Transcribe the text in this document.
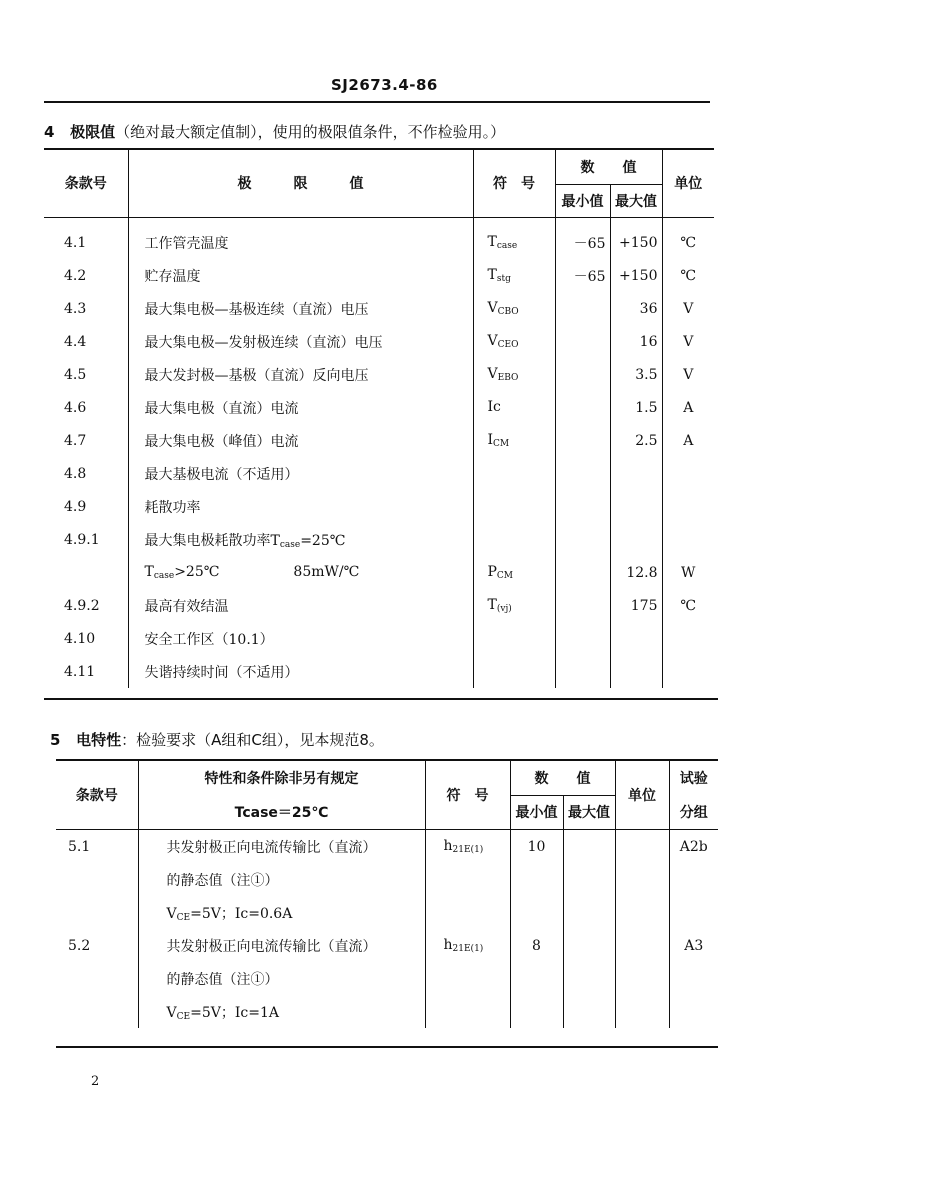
SJ2673.4-86
4 极限值（绝对最大额定值制），使用的极限值条件，不作检验用。）
条款号	极　　　限　　　值	符　号	数　　值		单位
			最小值	最大值	

4.1	工作管壳温度	$T_{case}$	－65	+150	℃
4.2	贮存温度	$T_{stg}$	－65	+150	℃
4.3	最大集电极—基极连续（直流）电压	$V_{CBO}$		36	V
4.4	最大集电极—发射极连续（直流）电压	$V_{CEO}$		16	V
4.5	最大发封极—基极（直流）反向电压	$V_{EBO}$		3.5	V
4.6	最大集电极（直流）电流	Ic		1.5	A
4.7	最大集电极（峰值）电流	$I_{CM}$		2.5	A
4.8	最大基极电流（不适用）				
4.9	耗散功率				
4.9.1	最大集电极耗散功率$T_{case}=25℃$				
	$T_{case}>25℃$ 85mW/℃	$P_{CM}$		12.8	W
4.9.2	最高有效结温	$T_{(vj)}$		175	℃
4.10	安全工作区（10.1）				
4.11	失谐持续时间（不适用）				
5 电特性：检验要求（A组和C组），见本规范8。
条款号	特性和条件除非另有规定	符　号	数　　值		单位	试验
	Tcase＝25℃		最小值	最大值		分组

5.1	共发射极正向电流传输比（直流）	$h_{21E(1)}$	10			A2b
	的静态值（注①）					
	$V_{CE}=5V$；Ic=0.6A					
5.2	共发射极正向电流传输比（直流）	$h_{21E(1)}$	8			A3
	的静态值（注①）					
	$V_{CE}=5V$；Ic=1A					
2
